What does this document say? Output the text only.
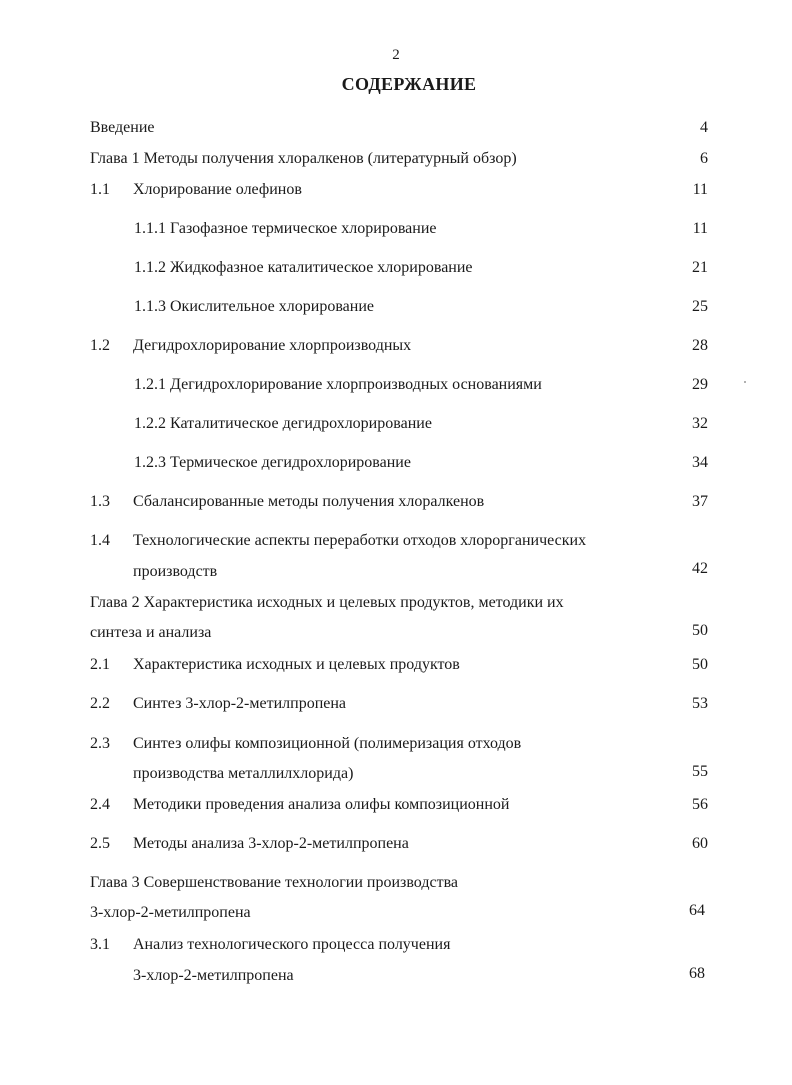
2
СОДЕРЖАНИЕ
Введение	4
Глава 1 Методы получения хлоралкенов (литературный обзор)	6
1.1 Хлорирование олефинов	11
1.1.1 Газофазное термическое хлорирование	11
1.1.2 Жидкофазное каталитическое хлорирование	21
1.1.3 Окислительное хлорирование	25
1.2 Дегидрохлорирование хлорпроизводных	28
1.2.1 Дегидрохлорирование хлорпроизводных основаниями	29
1.2.2 Каталитическое дегидрохлорирование	32
1.2.3 Термическое дегидрохлорирование	34
1.3 Сбалансированные методы получения хлоралкенов	37
1.4 Технологические аспекты переработки отходов хлорорганических
производств	42
Глава 2 Характеристика исходных и целевых продуктов, методики их
синтеза и анализа	50
2.1 Характеристика исходных и целевых продуктов	50
2.2 Синтез 3-хлор-2-метилпропена	53
2.3 Синтез олифы композиционной (полимеризация отходов
производства металлилхлорида)	55
2.4 Методики проведения анализа олифы композиционной	56
2.5 Методы анализа 3-хлор-2-метилпропена	60
Глава 3 Совершенствование технологии производства
3-хлор-2-метилпропена	64
3.1 Анализ технологического процесса получения
3-хлор-2-метилпропена	68
